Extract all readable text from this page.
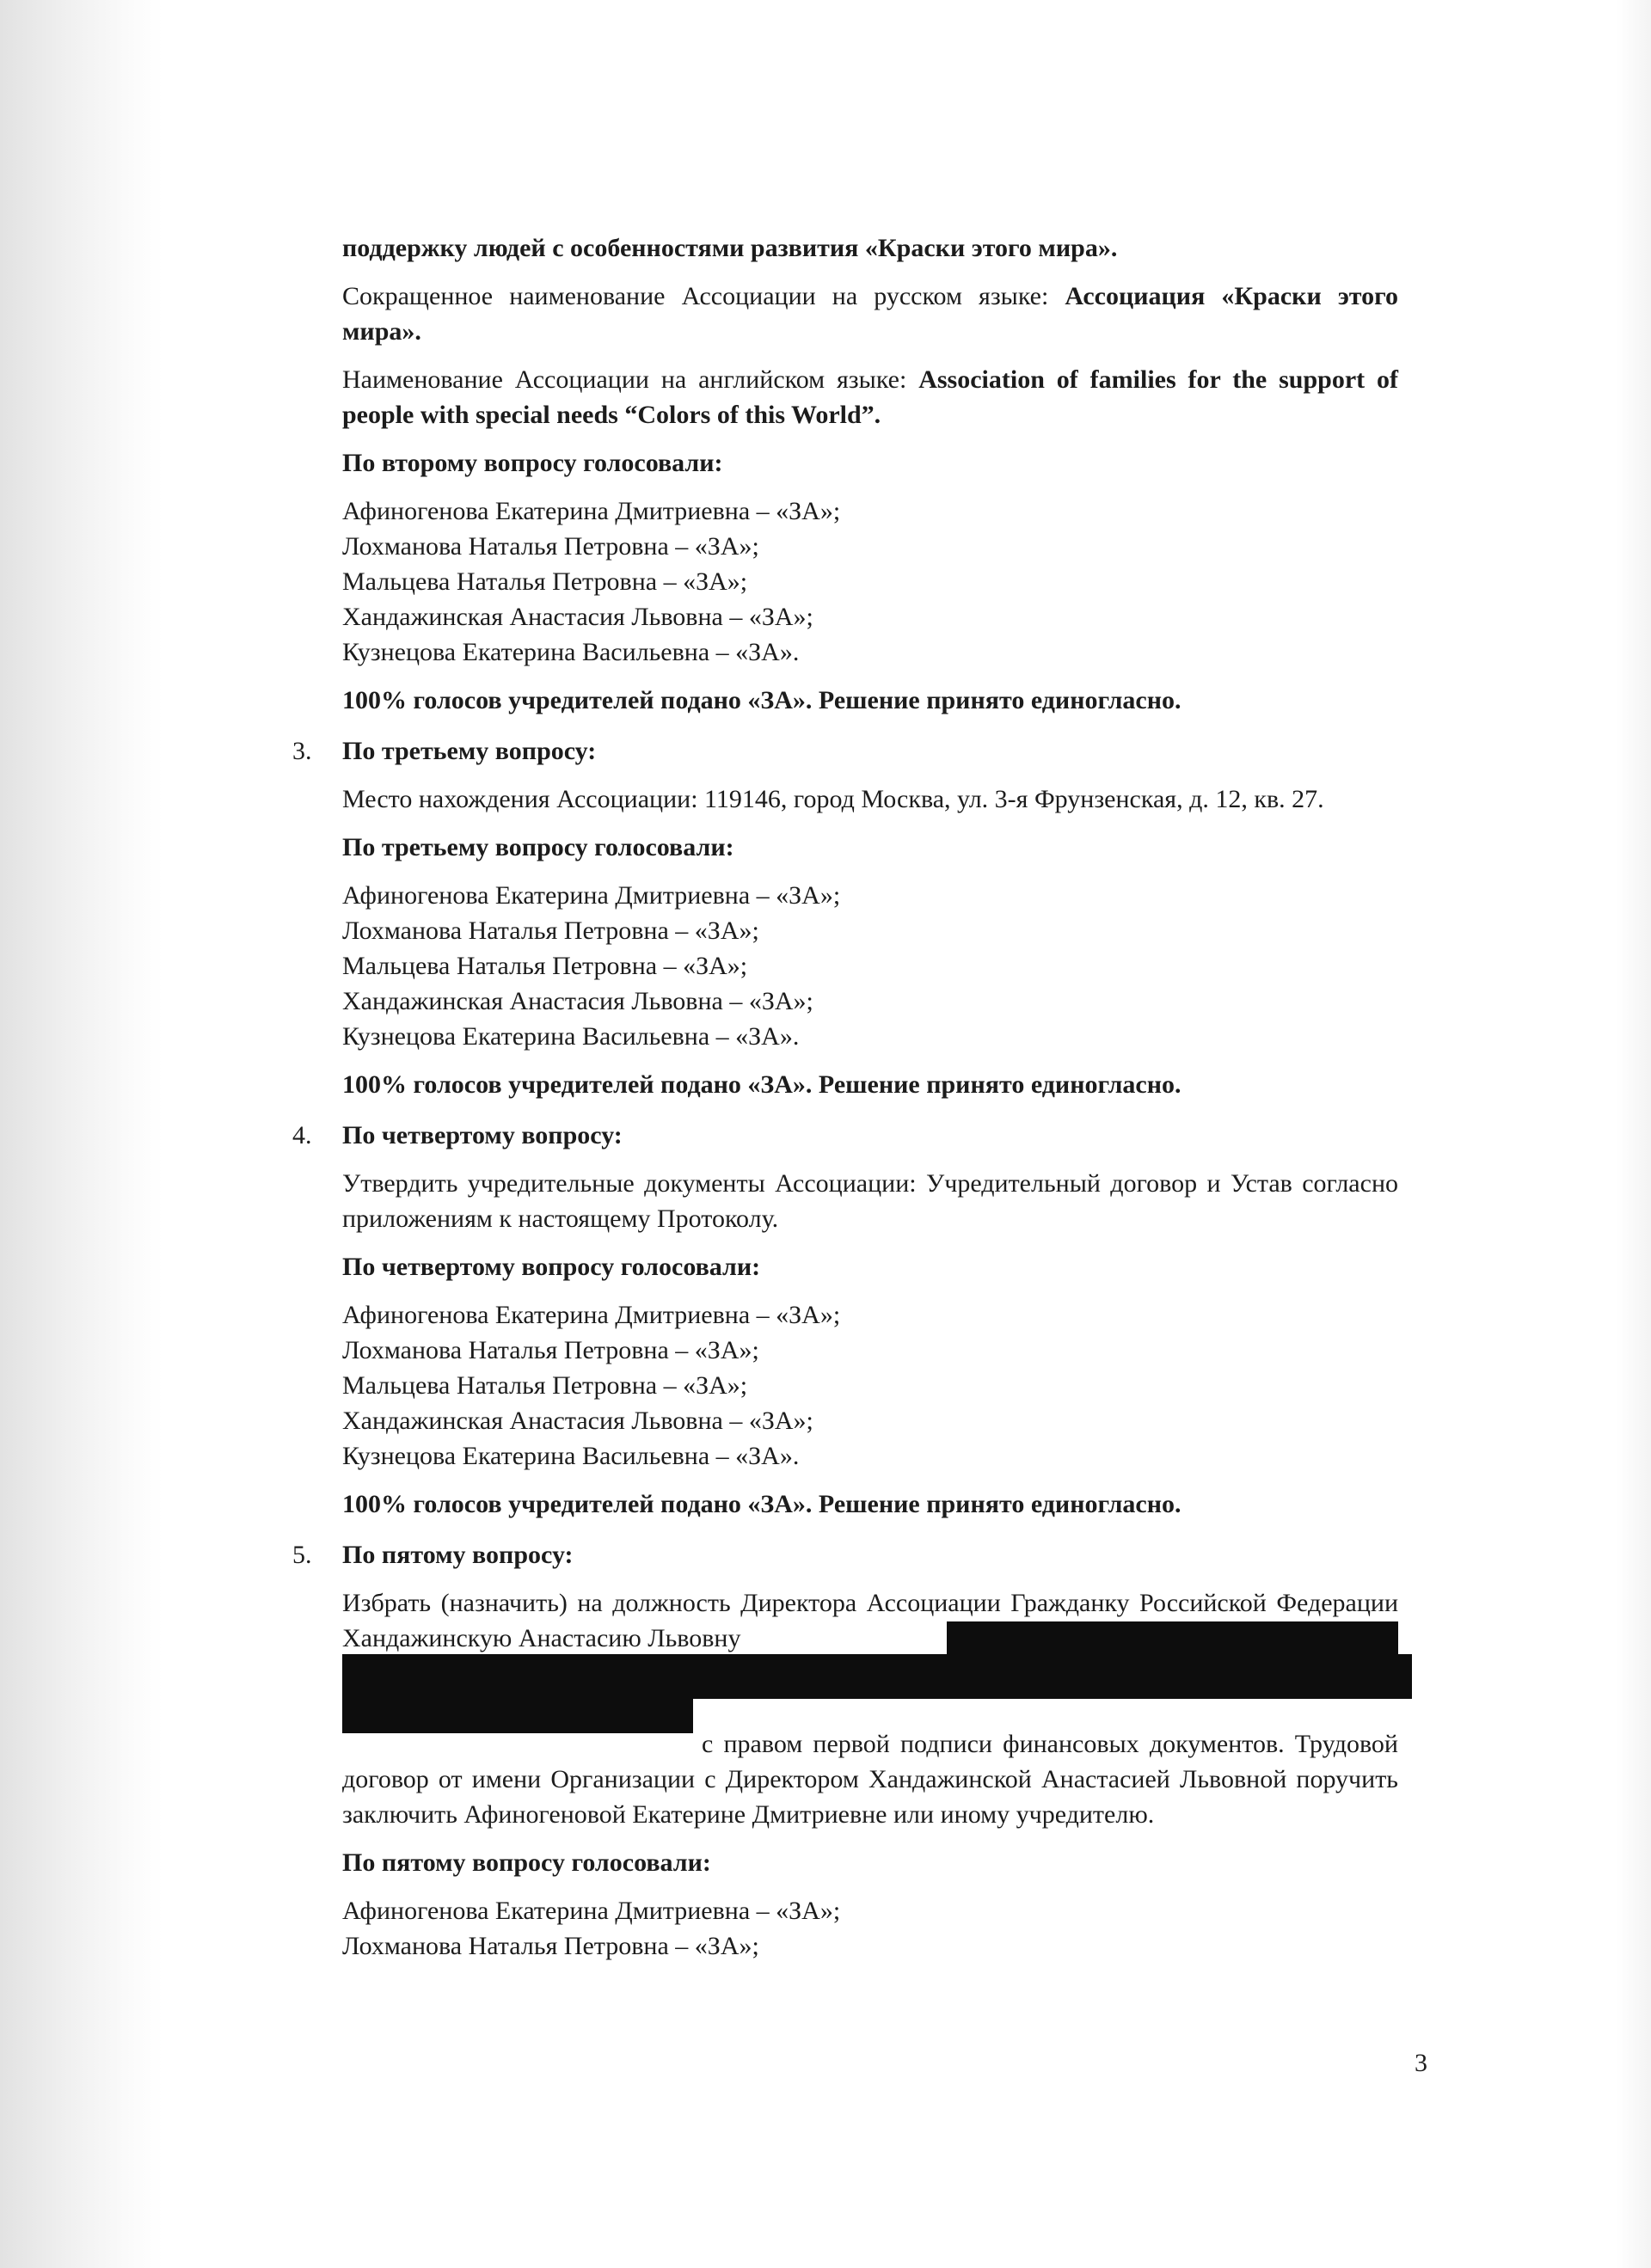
поддержку людей с особенностями развития «Краски этого мира».

Сокращенное наименование Ассоциации на русском языке: Ассоциация «Краски этого мира».

Наименование Ассоциации на английском языке: Association of families for the support of people with special needs “Colors of this World”.

По второму вопросу голосовали:

Афиногенова Екатерина Дмитриевна – «ЗА»;
Лохманова Наталья Петровна – «ЗА»;
Мальцева Наталья Петровна – «ЗА»;
Хандажинская Анастасия Львовна – «ЗА»;
Кузнецова Екатерина Васильевна – «ЗА».

100% голосов учредителей подано «ЗА». Решение принято единогласно.

3. По третьему вопросу:

Место нахождения Ассоциации: 119146, город Москва, ул. 3-я Фрунзенская, д. 12, кв. 27.

По третьему вопросу голосовали:

Афиногенова Екатерина Дмитриевна – «ЗА»;
Лохманова Наталья Петровна – «ЗА»;
Мальцева Наталья Петровна – «ЗА»;
Хандажинская Анастасия Львовна – «ЗА»;
Кузнецова Екатерина Васильевна – «ЗА».

100% голосов учредителей подано «ЗА». Решение принято единогласно.

4. По четвертому вопросу:

Утвердить учредительные документы Ассоциации: Учредительный договор и Устав согласно приложениям к настоящему Протоколу.

По четвертому вопросу голосовали:

Афиногенова Екатерина Дмитриевна – «ЗА»;
Лохманова Наталья Петровна – «ЗА»;
Мальцева Наталья Петровна – «ЗА»;
Хандажинская Анастасия Львовна – «ЗА»;
Кузнецова Екатерина Васильевна – «ЗА».

100% голосов учредителей подано «ЗА». Решение принято единогласно.

5. По пятому вопросу:

Избрать (назначить) на должность Директора Ассоциации Гражданку Российской Федерации Хандажинскую Анастасию Львовну

с правом первой подписи финансовых документов. Трудовой договор от имени Организации с Директором Хандажинской Анастасией Львовной поручить заключить Афиногеновой Екатерине Дмитриевне или иному учредителю.

По пятому вопросу голосовали:

Афиногенова Екатерина Дмитриевна – «ЗА»;
Лохманова Наталья Петровна – «ЗА»;
3
